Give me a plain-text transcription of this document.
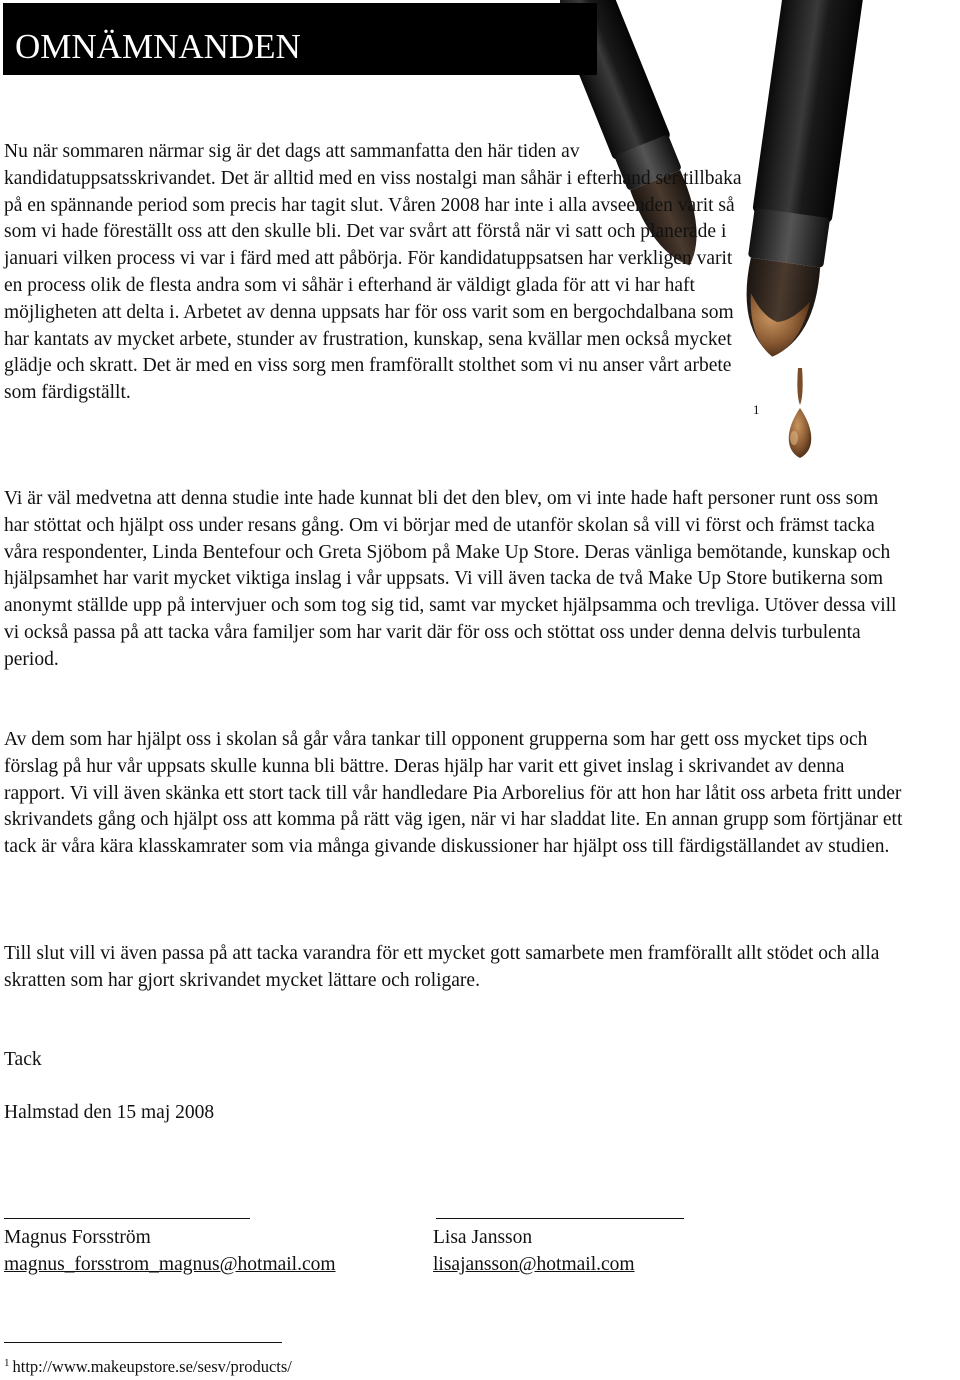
OMNÄMNANDEN

Nu när sommaren närmar sig är det dags att sammanfatta den här tiden av kandidatuppsatsskrivandet. Det är alltid med en viss nostalgi man såhär i efterhand ser tillbaka på en spännande period som precis har tagit slut. Våren 2008 har inte i alla avseenden varit så som vi hade föreställt oss att den skulle bli. Det var svårt att förstå när vi satt och planerade i januari vilken process vi var i färd med att påbörja. För kandidatuppsatsen har verkligen varit en process olik de flesta andra som vi såhär i efterhand är väldigt glada för att vi har haft möjligheten att delta i. Arbetet av denna uppsats har för oss varit som en bergochdalbana som har kantats av mycket arbete, stunder av frustration, kunskap, sena kvällar men också mycket glädje och skratt. Det är med en viss sorg men framförallt stolthet som vi nu anser vårt arbete som färdigställt.

1

Vi är väl medvetna att denna studie inte hade kunnat bli det den blev, om vi inte hade haft personer runt oss som har stöttat och hjälpt oss under resans gång. Om vi börjar med de utanför skolan så vill vi först och främst tacka våra respondenter, Linda Bentefour och Greta Sjöbom på Make Up Store. Deras vänliga bemötande, kunskap och hjälpsamhet har varit mycket viktiga inslag i vår uppsats. Vi vill även tacka de två Make Up Store butikerna som anonymt ställde upp på intervjuer och som tog sig tid, samt var mycket hjälpsamma och trevliga. Utöver dessa vill vi också passa på att tacka våra familjer som har varit där för oss och stöttat oss under denna delvis turbulenta period.

Av dem som har hjälpt oss i skolan så går våra tankar till opponent grupperna som har gett oss mycket tips och förslag på hur vår uppsats skulle kunna bli bättre. Deras hjälp har varit ett givet inslag i skrivandet av denna rapport. Vi vill även skänka ett stort tack till vår handledare Pia Arborelius för att hon har låtit oss arbeta fritt under skrivandets gång och hjälpt oss att komma på rätt väg igen, när vi har sladdat lite. En annan grupp som förtjänar ett tack är våra kära klasskamrater som via många givande diskussioner har hjälpt oss till färdigställandet av studien.

Till slut vill vi även passa på att tacka varandra för ett mycket gott samarbete men framförallt allt stödet och alla skratten som har gjort skrivandet mycket lättare och roligare.

Tack
Halmstad den 15 maj 2008
Magnus Forsström
magnus_forsstrom_magnus@hotmail.com
Lisa Jansson
lisajansson@hotmail.com
$^1$ http://www.makeupstore.se/sesv/products/
